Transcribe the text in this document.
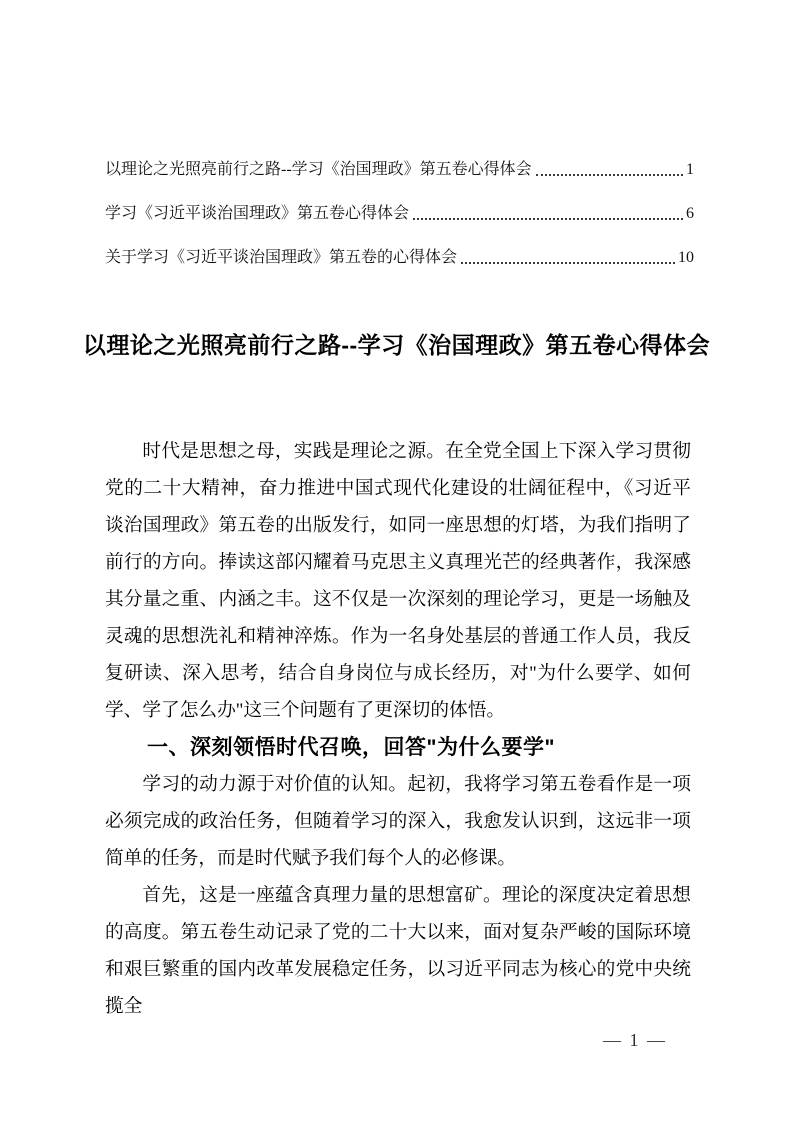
以理论之光照亮前行之路--学习《治国理政》第五卷心得体会	1
学习《习近平谈治国理政》第五卷心得体会	6
关于学习《习近平谈治国理政》第五卷的心得体会	10
以理论之光照亮前行之路--学习《治国理政》第五卷心得体会

时代是思想之母，实践是理论之源。在全党全国上下深入学习贯彻党的二十大精神，奋力推进中国式现代化建设的壮阔征程中，《习近平谈治国理政》第五卷的出版发行，如同一座思想的灯塔，为我们指明了前行的方向。捧读这部闪耀着马克思主义真理光芒的经典著作，我深感其分量之重、内涵之丰。这不仅是一次深刻的理论学习，更是一场触及灵魂的思想洗礼和精神淬炼。作为一名身处基层的普通工作人员，我反复研读、深入思考，结合自身岗位与成长经历，对"为什么要学、如何学、学了怎么办"这三个问题有了更深切的体悟。

一、深刻领悟时代召唤，回答"为什么要学"

学习的动力源于对价值的认知。起初，我将学习第五卷看作是一项必须完成的政治任务，但随着学习的深入，我愈发认识到，这远非一项简单的任务，而是时代赋予我们每个人的必修课。

首先，这是一座蕴含真理力量的思想富矿。理论的深度决定着思想的高度。第五卷生动记录了党的二十大以来，面对复杂严峻的国际环境和艰巨繁重的国内改革发展稳定任务，以习近平同志为核心的党中央统揽全

— 1 —
